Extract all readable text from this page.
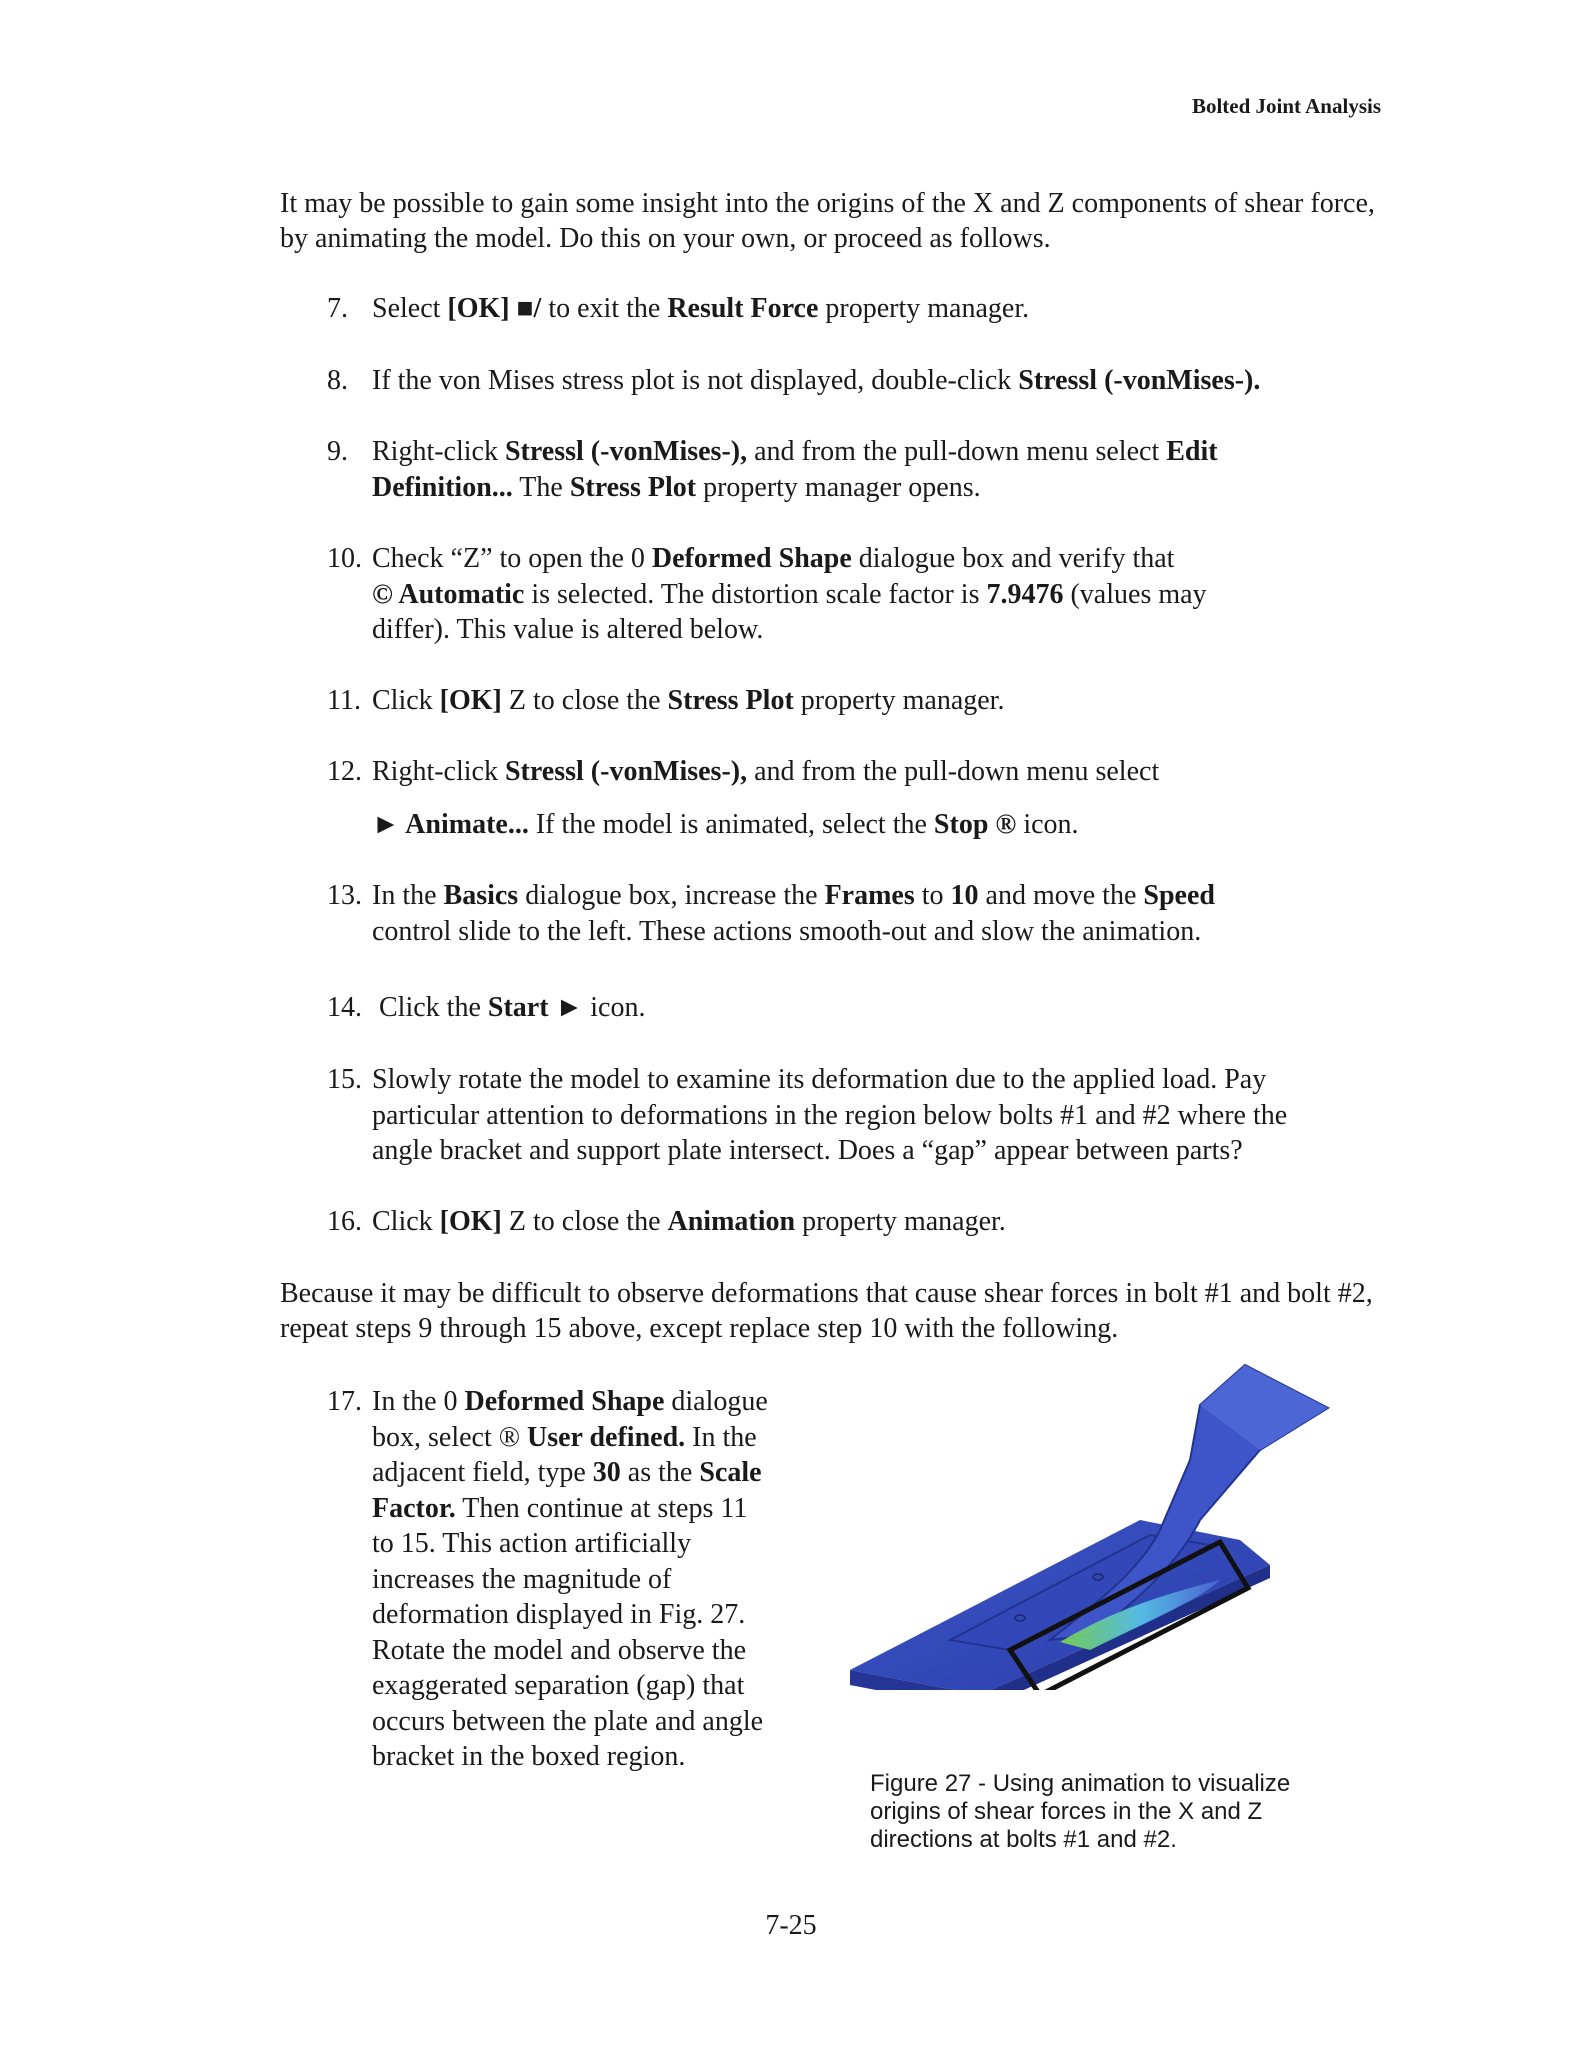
Bolted Joint Analysis

It may be possible to gain some insight into the origins of the X and Z components of shear force, by animating the model. Do this on your own, or proceed as follows.

7. Select [OK] ■/ to exit the Result Force property manager.
8. If the von Mises stress plot is not displayed, double-click Stressl (-vonMises-).
9. Right-click Stressl (-vonMises-), and from the pull-down menu select Edit
Definition... The Stress Plot property manager opens.
10. Check “Z” to open the 0 Deformed Shape dialogue box and verify that
© Automatic is selected. The distortion scale factor is 7.9476 (values may
differ). This value is altered below.
11. Click [OK] Z to close the Stress Plot property manager.
12. Right-click Stressl (-vonMises-), and from the pull-down menu select
► Animate... If the model is animated, select the Stop ® icon.
13. In the Basics dialogue box, increase the Frames to 10 and move the Speed
control slide to the left. These actions smooth-out and slow the animation.
14. Click the Start ► icon.
15. Slowly rotate the model to examine its deformation due to the applied load. Pay
particular attention to deformations in the region below bolts #1 and #2 where the
angle bracket and support plate intersect. Does a “gap” appear between parts?
16. Click [OK] Z to close the Animation property manager.

Because it may be difficult to observe deformations that cause shear forces in bolt #1 and bolt #2, repeat steps 9 through 15 above, except replace step 10 with the following.

17. In the 0 Deformed Shape dialogue
box, select ® User defined. In the
adjacent field, type 30 as the Scale
Factor. Then continue at steps 11
to 15. This action artificially
increases the magnitude of
deformation displayed in Fig. 27.
Rotate the model and observe the
exaggerated separation (gap) that
occurs between the plate and angle
bracket in the boxed region.
Figure 27 - Using animation to visualize
origins of shear forces in the X and Z
directions at bolts #1 and #2.
7-25
